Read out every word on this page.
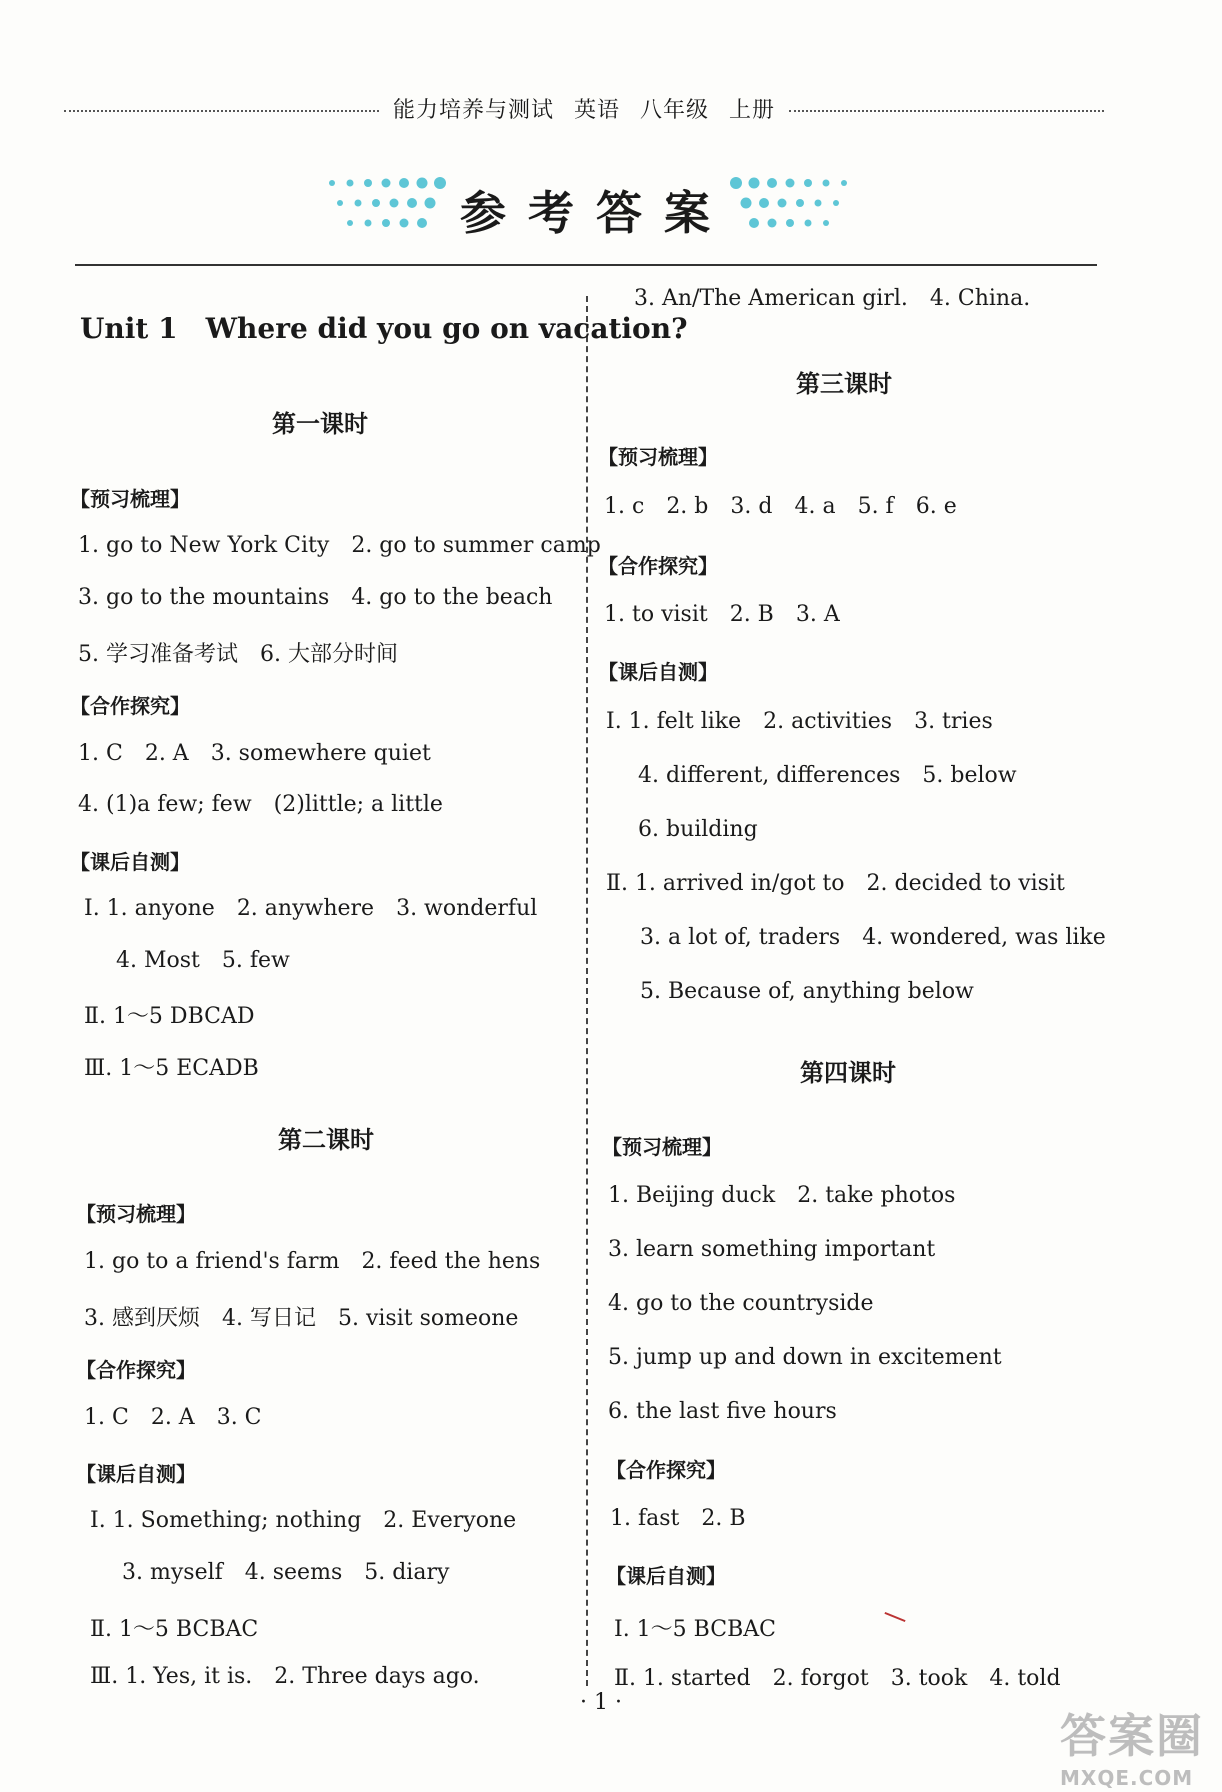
能力培养与测试 英语 八年级 上册
参考答案
Unit 1　Where did you go on vacation?
第一课时
【预习梳理】
1. go to New York City 2. go to summer camp
3. go to the mountains 4. go to the beach
5. 学习准备考试 6. 大部分时间
【合作探究】
1. C 2. A 3. somewhere quiet
4. (1)a few; few (2)little; a little
【课后自测】
Ⅰ. 1. anyone 2. anywhere 3. wonderful
4. Most 5. few
Ⅱ. 1～5 DBCAD
Ⅲ. 1～5 ECADB
第二课时
【预习梳理】
1. go to a friend's farm 2. feed the hens
3. 感到厌烦 4. 写日记 5. visit someone
【合作探究】
1. C 2. A 3. C
【课后自测】
Ⅰ. 1. Something; nothing 2. Everyone
3. myself 4. seems 5. diary
Ⅱ. 1～5 BCBAC
Ⅲ. 1. Yes, it is. 2. Three days ago.
3. An/The American girl. 4. China.
第三课时
【预习梳理】
1. c 2. b 3. d 4. a 5. f 6. e
【合作探究】
1. to visit 2. B 3. A
【课后自测】
Ⅰ. 1. felt like 2. activities 3. tries
4. different, differences 5. below
6. building
Ⅱ. 1. arrived in/got to 2. decided to visit
3. a lot of, traders 4. wondered, was like
5. Because of, anything below
第四课时
【预习梳理】
1. Beijing duck 2. take photos
3. learn something important
4. go to the countryside
5. jump up and down in excitement
6. the last five hours
【合作探究】
1. fast 2. B
【课后自测】
Ⅰ. 1～5 BCBAC
Ⅱ. 1. started 2. forgot 3. took 4. told
· 1 ·
答案圈
MXQE.COM
